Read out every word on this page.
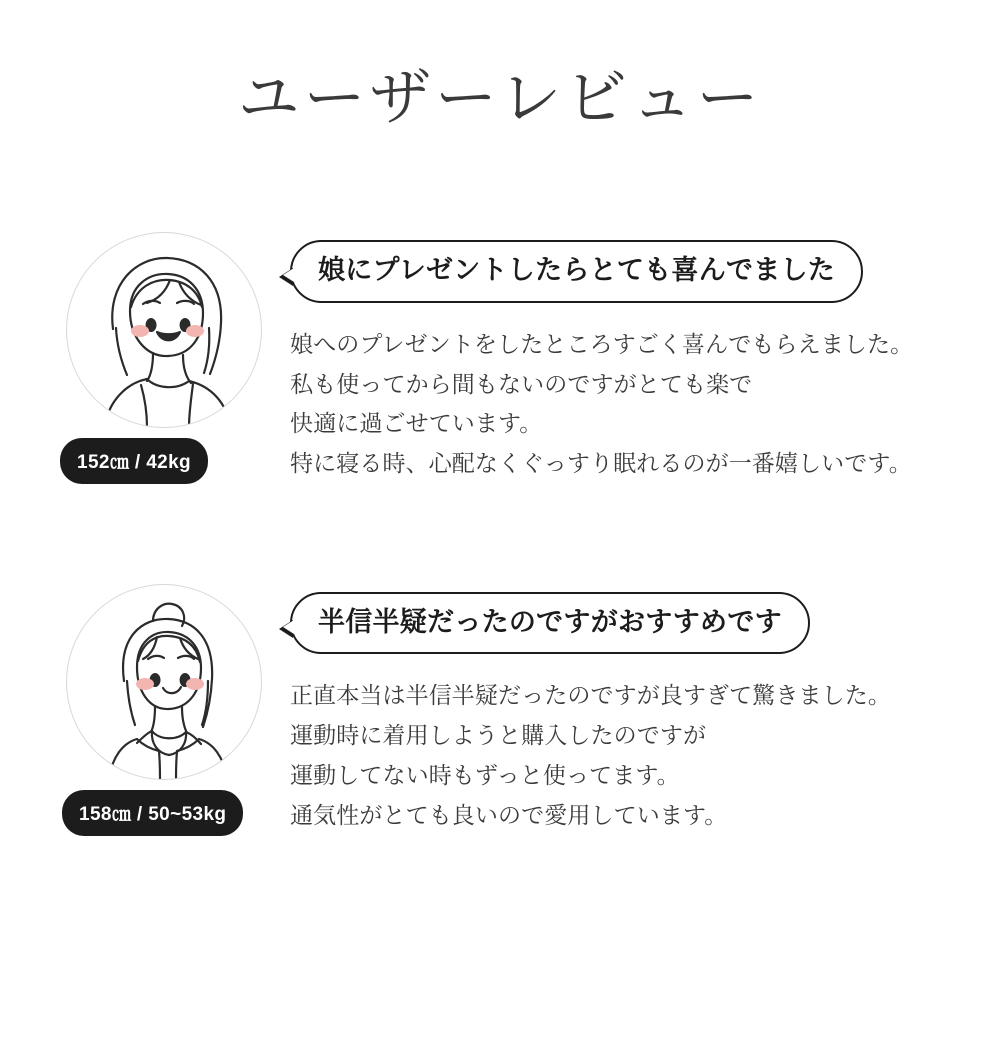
ユーザーレビュー
152㎝ / 42kg
娘にプレゼントしたらとても喜んでました
娘へのプレゼントをしたところすごく喜んでもらえました。
私も使ってから間もないのですがとても楽で
快適に過ごせています。
特に寝る時、心配なくぐっすり眠れるのが一番嬉しいです。
158㎝ / 50~53kg
半信半疑だったのですがおすすめです
正直本当は半信半疑だったのですが良すぎて驚きました。
運動時に着用しようと購入したのですが
運動してない時もずっと使ってます。
通気性がとても良いので愛用しています。
